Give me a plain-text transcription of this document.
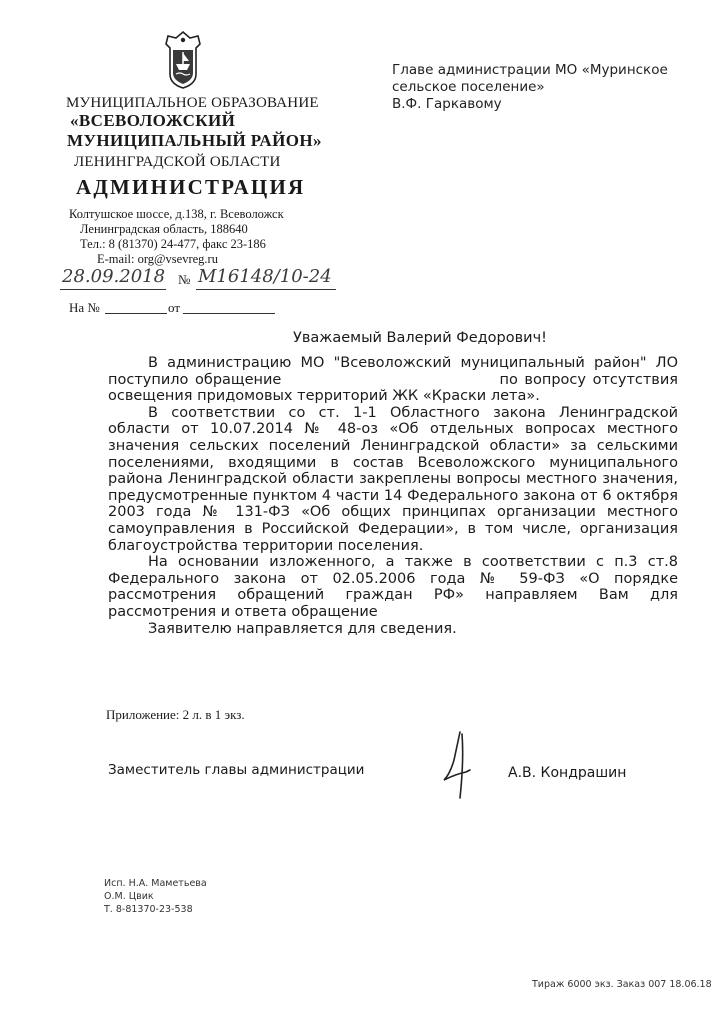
МУНИЦИПАЛЬНОЕ ОБРАЗОВАНИЕ
«ВСЕВОЛОЖСКИЙ
МУНИЦИПАЛЬНЫЙ РАЙОН»
ЛЕНИНГРАДСКОЙ ОБЛАСТИ
АДМИНИСТРАЦИЯ
Колтушское шоссе, д.138, г. Всеволожск
Ленинградская область, 188640
Тел.: 8 (81370) 24-477, факс 23-186
E-mail: org@vsevreg.ru
28.09.2018 № М16148/10-24
На №	от
Главе администрации МО «Муринское
сельское поселение»
В.Ф. Гаркавому
Уважаемый Валерий Федорович!

В администрацию МО "Всеволожский муниципальный район" ЛО поступило обращение                                 по вопросу отсутствия освещения придомовых территорий ЖК «Краски лета».

В соответствии со ст. 1-1 Областного закона Ленинградской области от 10.07.2014 № 48-оз «Об отдельных вопросах местного значения сельских поселений Ленинградской области» за сельскими поселениями, входящими в состав Всеволожского муниципального района Ленинградской области закреплены вопросы местного значения, предусмотренные пунктом 4 части 14 Федерального закона от 6 октября 2003 года № 131-ФЗ «Об общих принципах организации местного самоуправления в Российской Федерации», в том числе, организация благоустройства территории поселения.

На основании изложенного, а также в соответствии с п.3 ст.8 Федерального закона от 02.05.2006 года № 59-ФЗ «О порядке рассмотрения обращений граждан РФ» направляем Вам для рассмотрения и ответа обращение

Заявителю направляется для сведения.

Приложение: 2 л. в 1 экз.
Заместитель главы администрации	А.В. Кондрашин
Исп. Н.А. Маметьева
О.М. Цвик
Т. 8-81370-23-538
Тираж 6000 экз. Заказ 007 18.06.18
